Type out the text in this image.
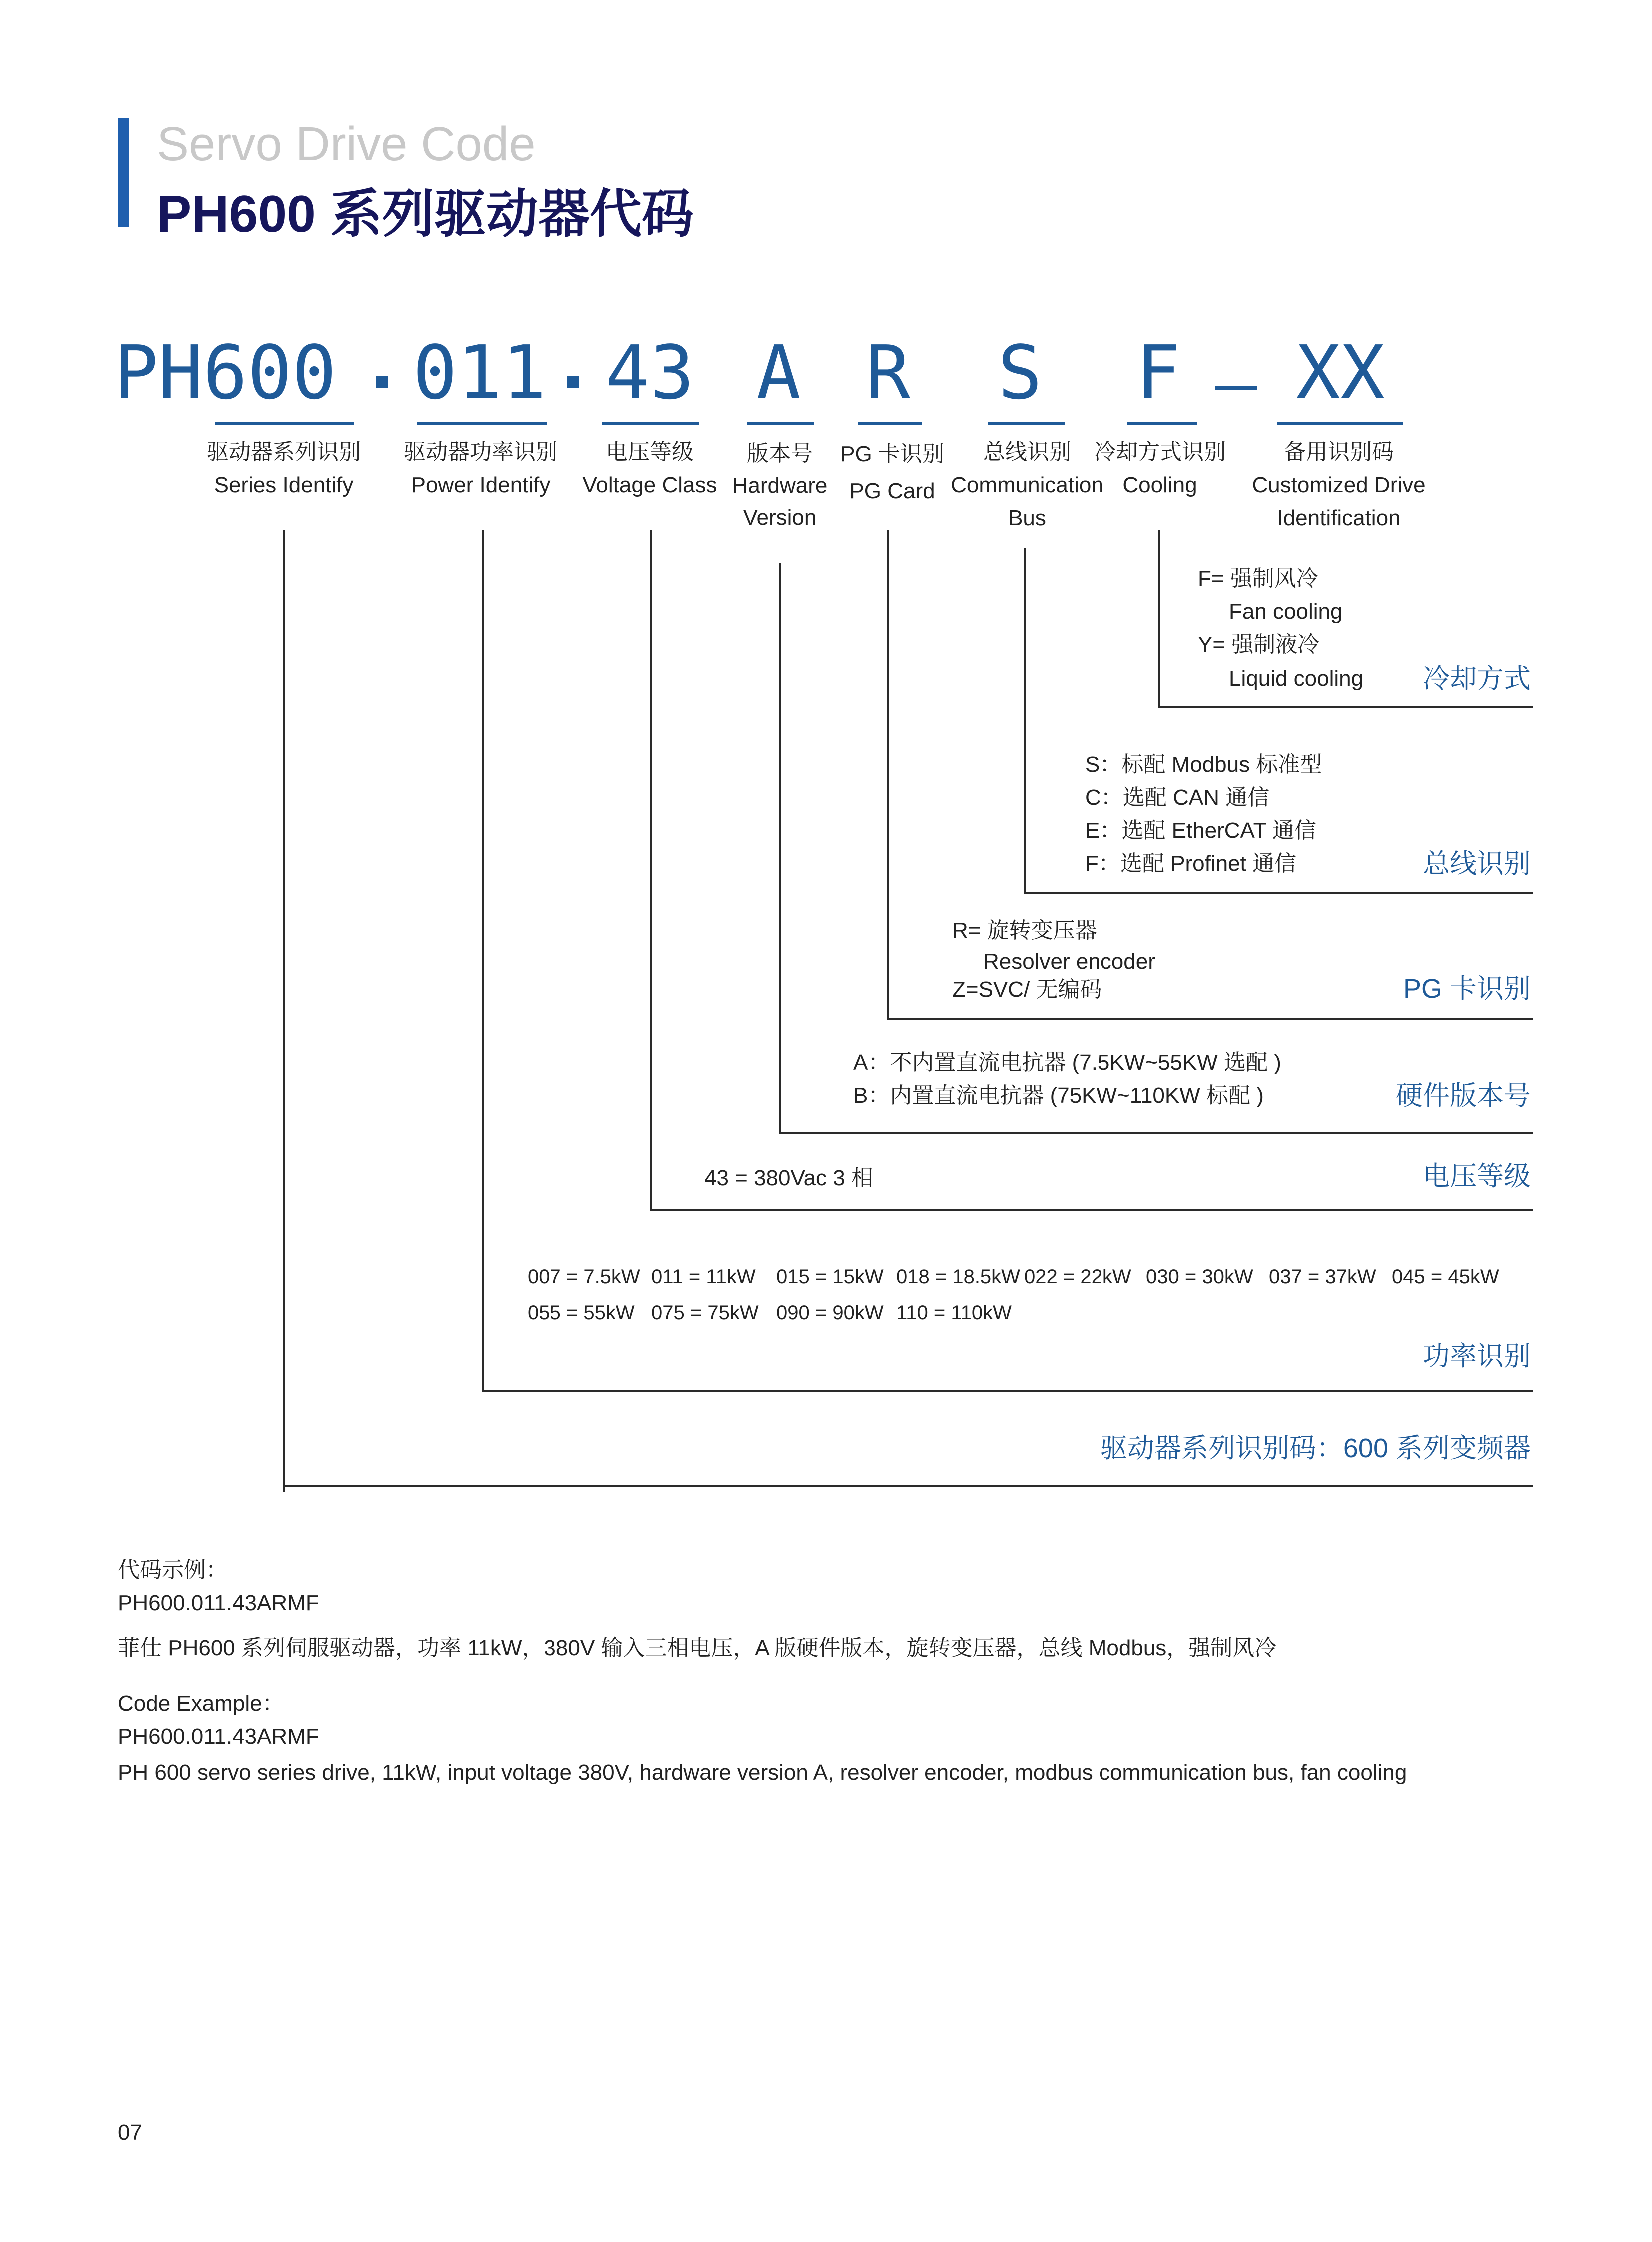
Servo Drive Code
PH600 系列驱动器代码
PH600 011 43 A R S F XX
驱动器系列识别
Series Identify
驱动器功率识别
Power Identify
电压等级
Voltage Class
版本号
Hardware
Version
PG 卡识别
PG Card
总线识别
Communication
Bus
冷却方式识别
Cooling
备用识别码
Customized Drive
Identification
F= 强制风冷
Fan cooling
Y= 强制液冷
Liquid cooling 冷却方式
S：标配 Modbus 标准型
C：选配 CAN 通信
E：选配 EtherCAT 通信
F：选配 Profinet 通信	总线识别
R= 旋转变压器
Resolver encoder
Z=SVC/ 无编码	PG 卡识别
A：不内置直流电抗器 (7.5KW~55KW 选配 )
B：内置直流电抗器 (75KW~110KW 标配 )	硬件版本号
43 = 380Vac 3 相	电压等级
007 = 7.5kW 011 = 11kW 015 = 15kW 018 = 18.5kW 022 = 22kW 030 = 30kW 037 = 37kW 045 = 45kW
055 = 55kW 075 = 75kW 090 = 90kW 110 = 110kW
功率识别
驱动器系列识别码：600 系列变频器
代码示例：
PH600.011.43ARMF
菲仕 PH600 系列伺服驱动器，功率 11kW，380V 输入三相电压，A 版硬件版本，旋转变压器，总线 Modbus，强制风冷
Code Example：
PH600.011.43ARMF
PH 600 servo series drive, 11kW, input voltage 380V, hardware version A, resolver encoder, modbus communication bus, fan cooling
07
